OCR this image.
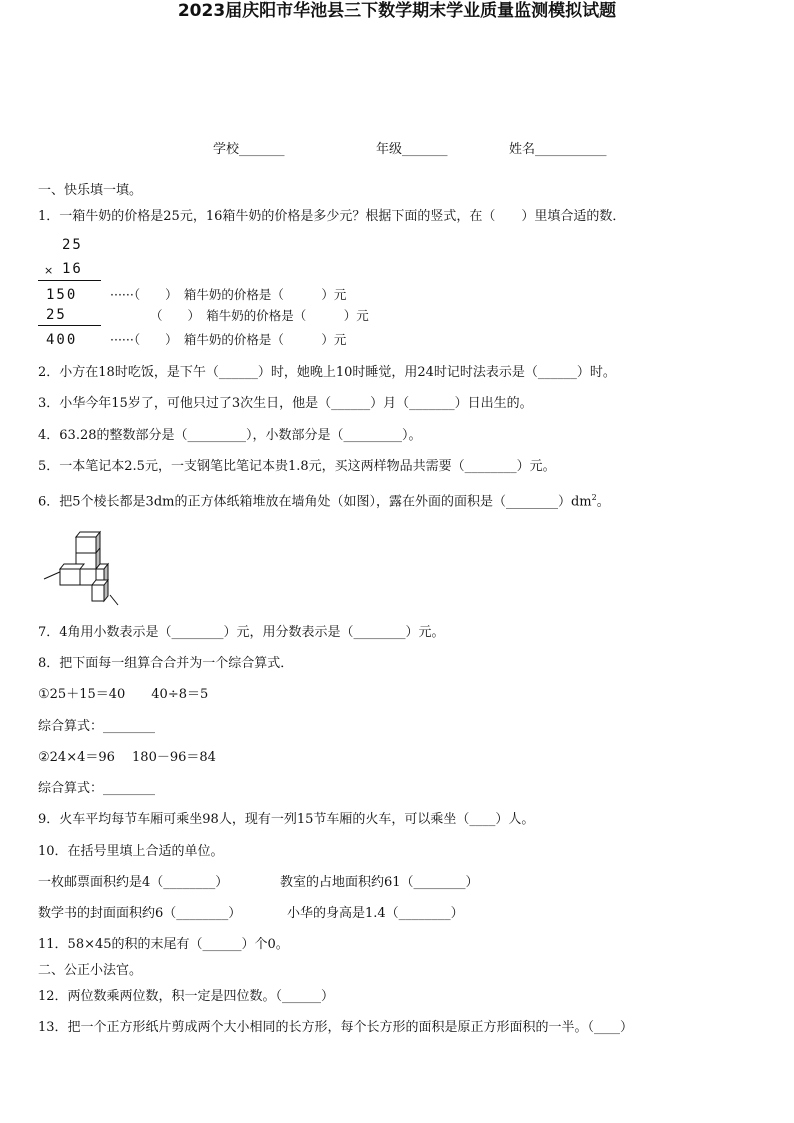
2023届庆阳市华池县三下数学期末学业质量监测模拟试题
学校_______	年级_______	姓名___________
一、快乐填一填。
1．一箱牛奶的价格是25元，16箱牛奶的价格是多少元？根据下面的竖式，在（　　）里填合适的数．
25
× 16
150
25
400
······（　　）　箱牛奶的价格是（　　　）元
（　　）　箱牛奶的价格是（　　　）元
······（　　）　箱牛奶的价格是（　　　）元
2．小方在18时吃饭，是下午（______）时，她晚上10时睡觉，用24时记时法表示是（______）时。
3．小华今年15岁了，可他只过了3次生日，他是（______）月（_______）日出生的。
4．63.28的整数部分是（_________），小数部分是（_________）。
5．一本笔记本2.5元，一支钢笔比笔记本贵1.8元，买这两样物品共需要（________）元。
6．把5个棱长都是3dm的正方体纸箱堆放在墙角处（如图），露在外面的面积是$(\_\_\_\_\_\_\_\_)dm^2$。
7．4角用小数表示是（________）元，用分数表示是（________）元。
8．把下面每一组算合合并为一个综合算式．
①25＋15＝40　　40÷8＝5
综合算式：________
②24×4＝96　 180－96＝84
综合算式：________
9．火车平均每节车厢可乘坐98人，现有一列15节车厢的火车，可以乘坐（____）人。
10．在括号里填上合适的单位。
一枚邮票面积约是4（________）	教室的占地面积约61（________）
数学书的封面面积约6（________）	小华的身高是1.4（________）
11．58×45的积的末尾有（______）个0。
二、公正小法官。
12．两位数乘两位数，积一定是四位数。（______）
13．把一个正方形纸片剪成两个大小相同的长方形，每个长方形的面积是原正方形面积的一半。（____）
